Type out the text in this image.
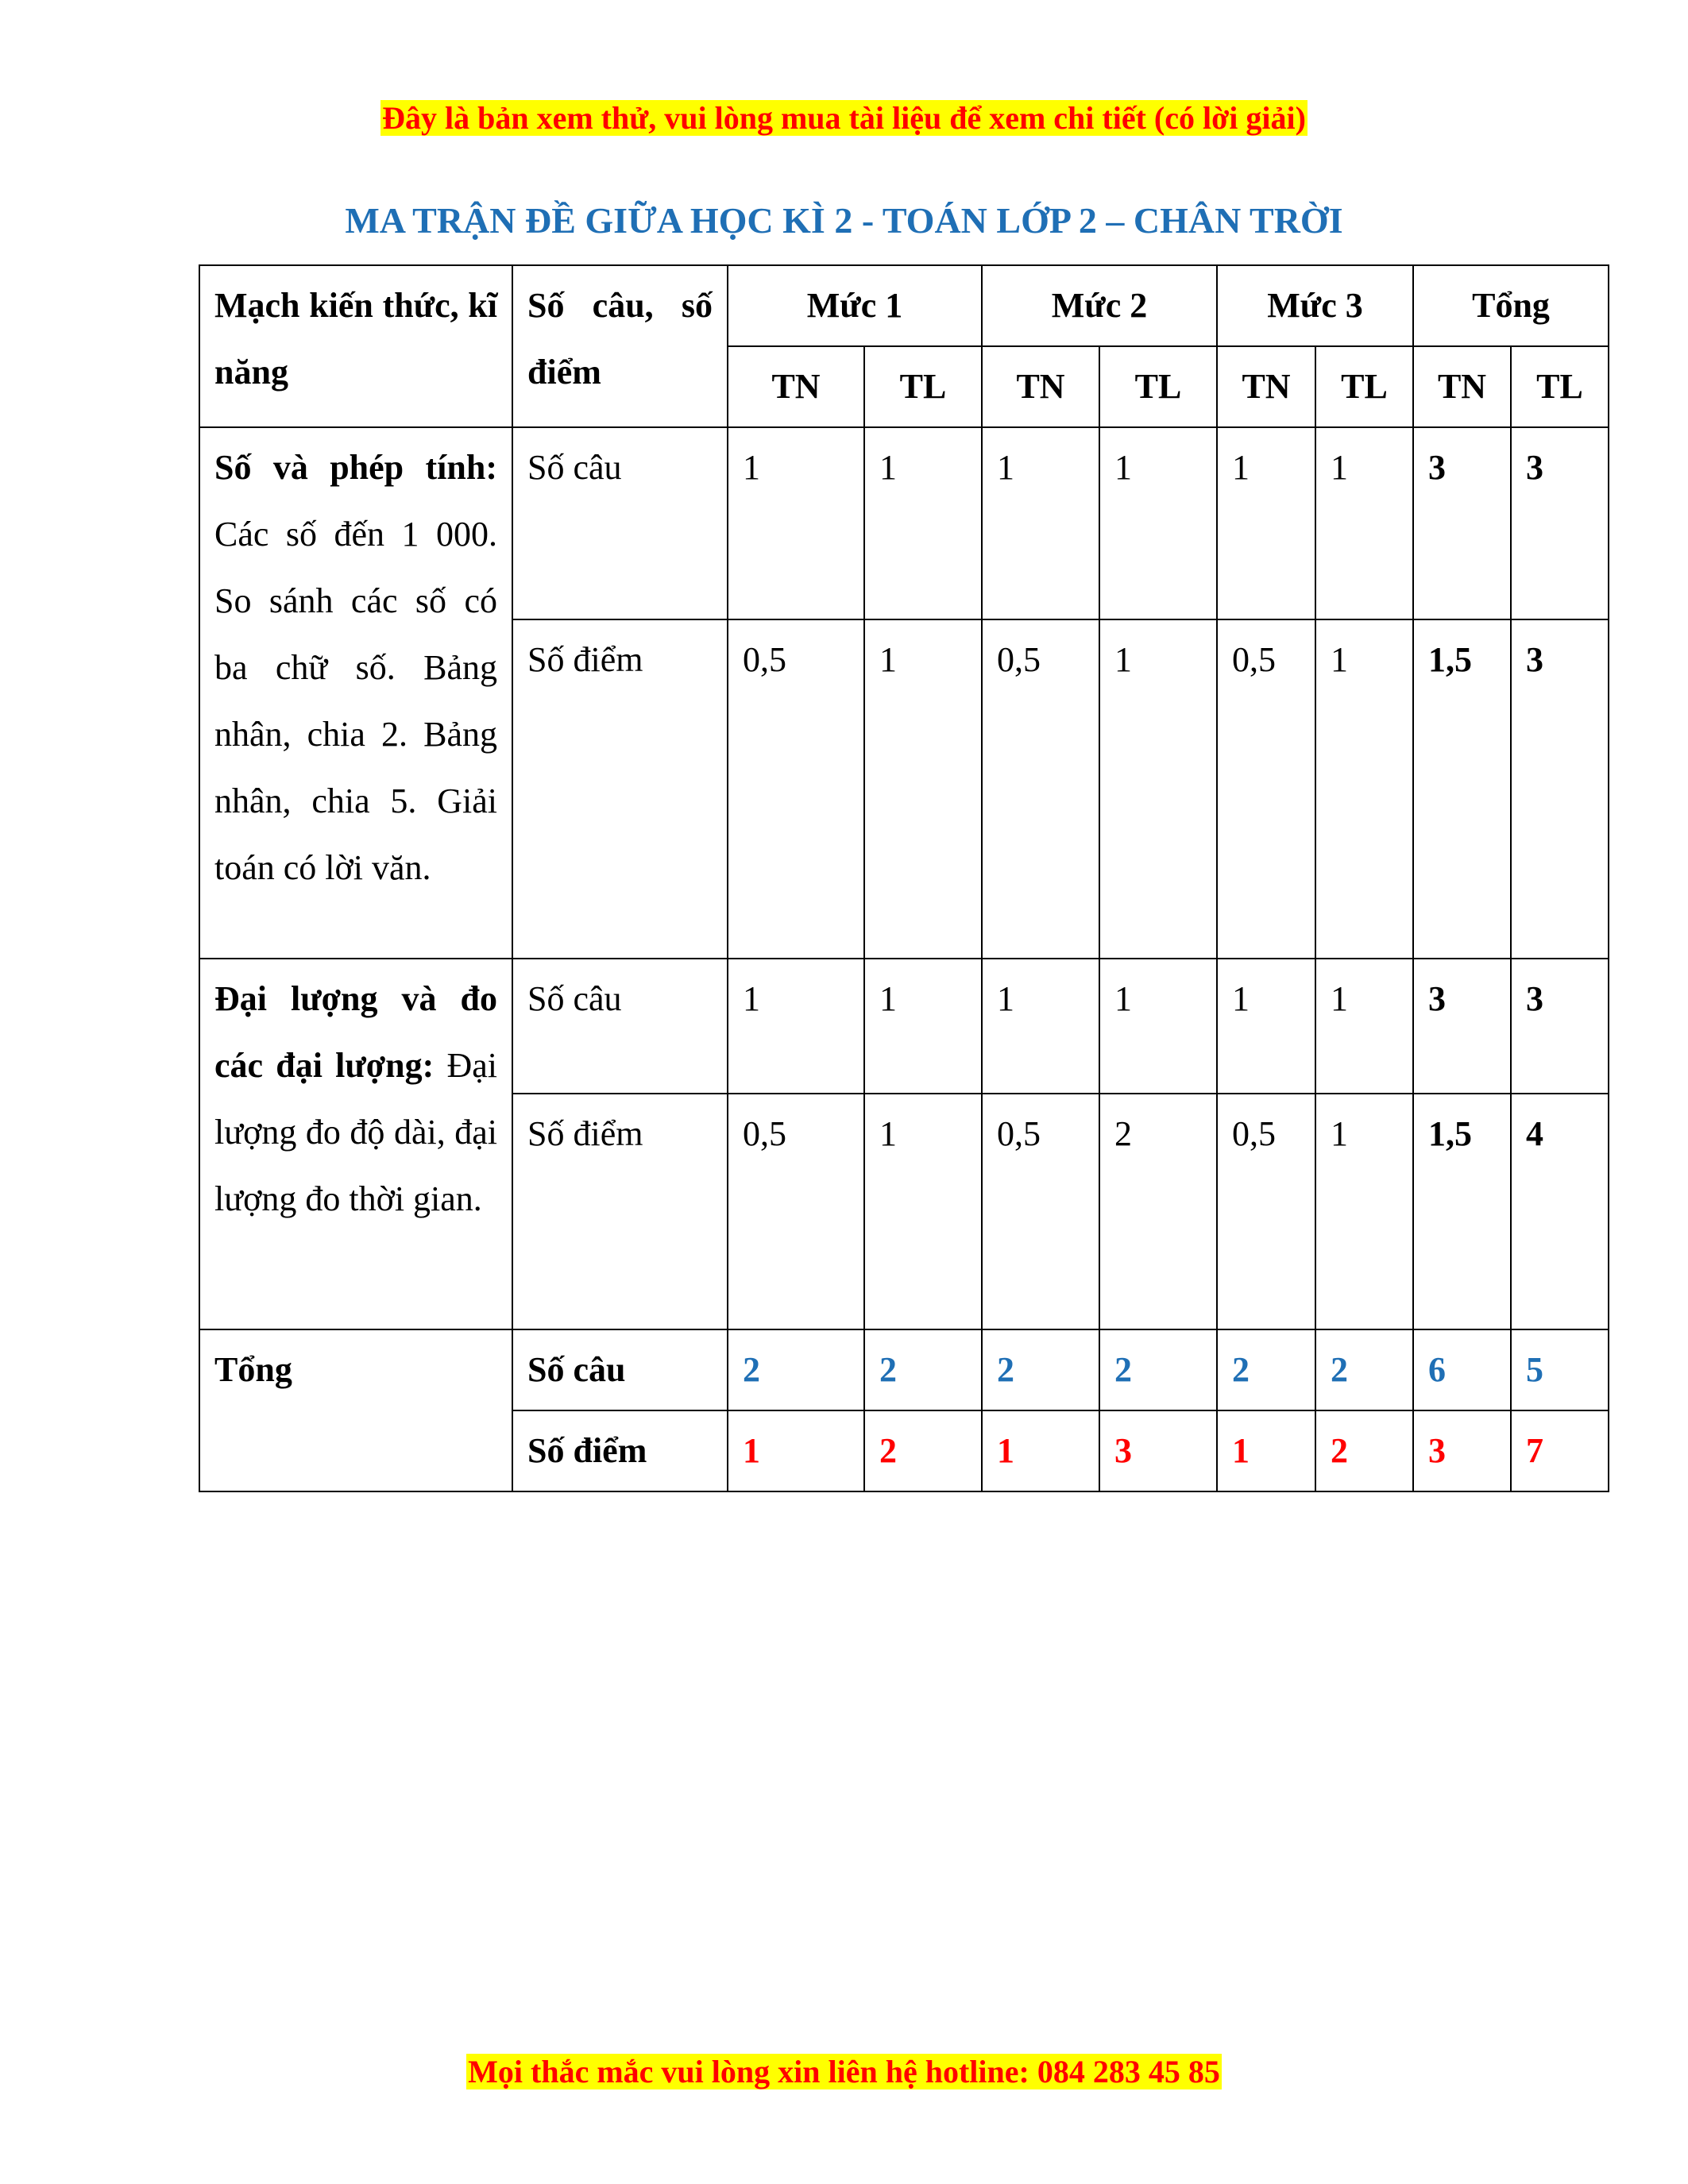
Đây là bản xem thử, vui lòng mua tài liệu để xem chi tiết (có lời giải)
MA TRẬN ĐỀ GIỮA HỌC KÌ 2 - TOÁN LỚP 2 – CHÂN TRỜI
Mạch kiến thức, kĩ năng	Số câu, số điểm	Mức 1		Mức 2		Mức 3		Tổng	
		TN	TL	TN	TL	TN	TL	TN	TL
Số và phép tính: Các số đến 1 000. So sánh các số có ba chữ số. Bảng nhân, chia 2. Bảng nhân, chia 5. Giải toán có lời văn.	Số câu	1	1	1	1	1	1	3	3
	Số điểm	0,5	1	0,5	1	0,5	1	1,5	3
Đại lượng và đo các đại lượng: Đại lượng đo độ dài, đại lượng đo thời gian.	Số câu	1	1	1	1	1	1	3	3
	Số điểm	0,5	1	0,5	2	0,5	1	1,5	4
Tổng	Số câu	2	2	2	2	2	2	6	5
	Số điểm	1	2	1	3	1	2	3	7
Mọi thắc mắc vui lòng xin liên hệ hotline: 084 283 45 85
